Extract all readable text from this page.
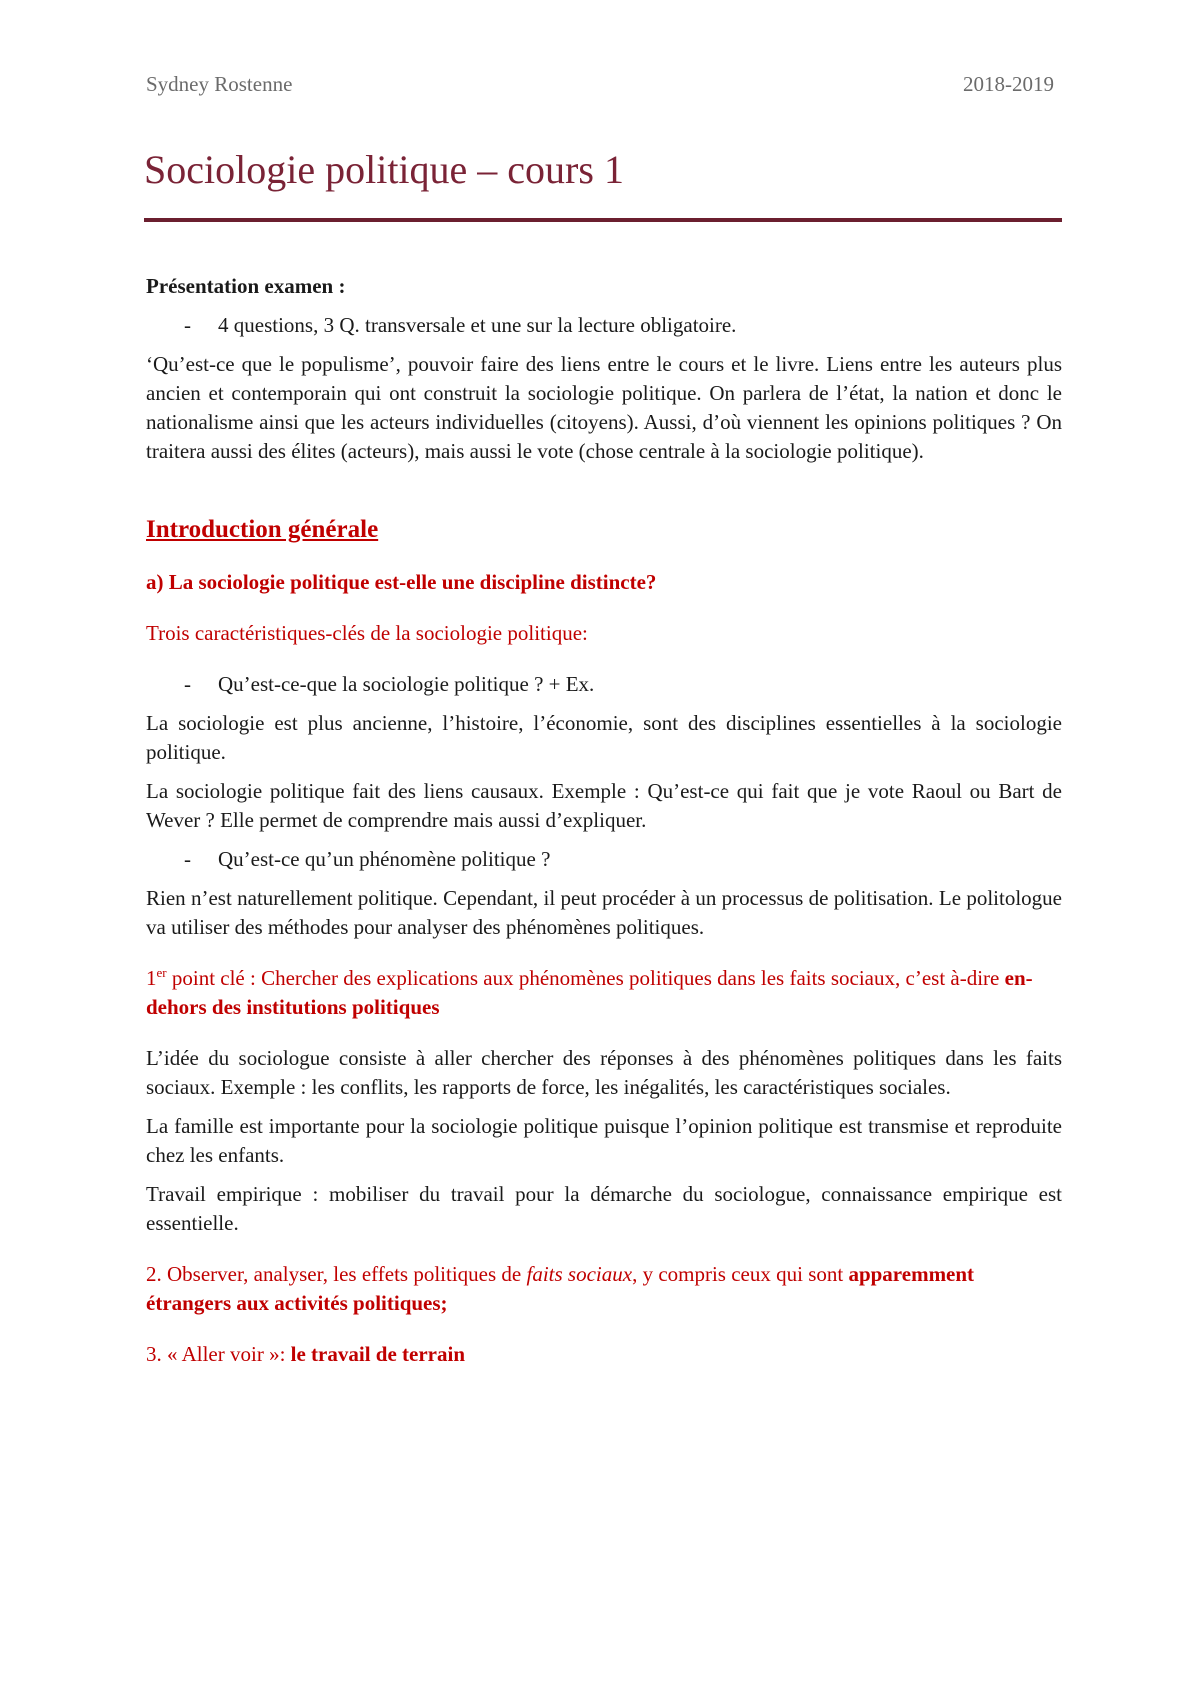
Sydney Rostenne	2018-2019
Sociologie politique – cours 1

Présentation examen :

-	4 questions, 3 Q. transversale et une sur la lecture obligatoire.

‘Qu’est-ce que le populisme’, pouvoir faire des liens entre le cours et le livre. Liens entre les auteurs plus ancien et contemporain qui ont construit la sociologie politique. On parlera de l’état, la nation et donc le nationalisme ainsi que les acteurs individuelles (citoyens). Aussi, d’où viennent les opinions politiques ? On traitera aussi des élites (acteurs), mais aussi le vote (chose centrale à la sociologie politique).

Introduction générale

a) La sociologie politique est-elle une discipline distincte?

Trois caractéristiques-clés de la sociologie politique:

-	Qu’est-ce-que la sociologie politique ? + Ex.

La sociologie est plus ancienne, l’histoire, l’économie, sont des disciplines essentielles à la sociologie politique.

La sociologie politique fait des liens causaux. Exemple : Qu’est-ce qui fait que je vote Raoul ou Bart de Wever ? Elle permet de comprendre mais aussi d’expliquer.

-	Qu’est-ce qu’un phénomène politique ?

Rien n’est naturellement politique. Cependant, il peut procéder à un processus de politisation. Le politologue va utiliser des méthodes pour analyser des phénomènes politiques.

1er point clé : Chercher des explications aux phénomènes politiques dans les faits sociaux, c’est à-dire en-dehors des institutions politiques

L’idée du sociologue consiste à aller chercher des réponses à des phénomènes politiques dans les faits sociaux. Exemple : les conflits, les rapports de force, les inégalités, les caractéristiques sociales.

La famille est importante pour la sociologie politique puisque l’opinion politique est transmise et reproduite chez les enfants.

Travail empirique : mobiliser du travail pour la démarche du sociologue, connaissance empirique est essentielle.

2. Observer, analyser, les effets politiques de faits sociaux, y compris ceux qui sont apparemment étrangers aux activités politiques;

3. « Aller voir »: le travail de terrain
